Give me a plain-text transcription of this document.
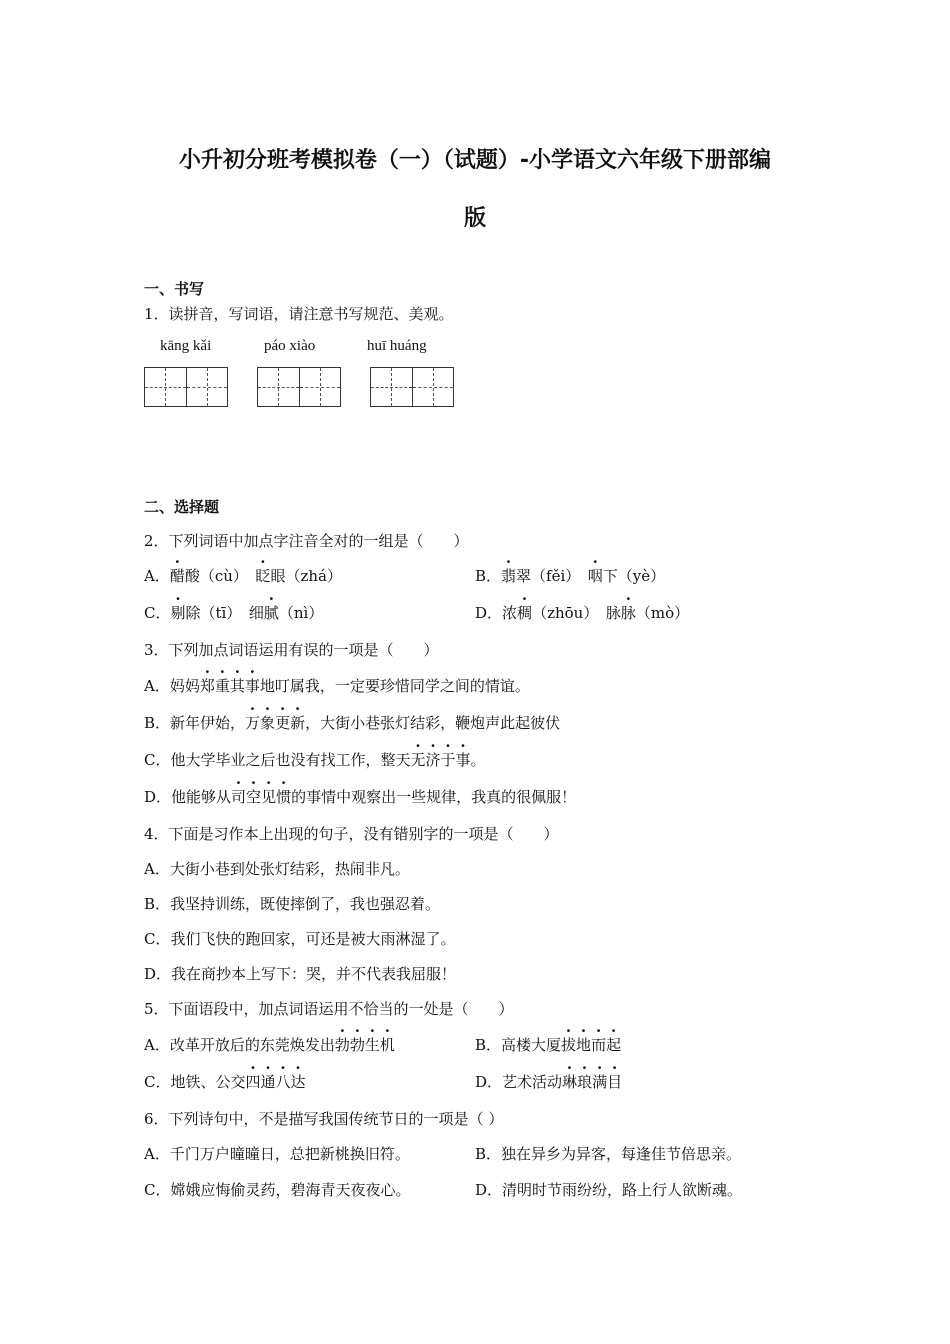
小升初分班考模拟卷（一）（试题）-小学语文六年级下册部编
版
一、书写
1．读拼音，写词语，请注意书写规范、美观。
kāng kǎi	páo xiào	huī huáng
二、选择题
2．下列词语中加点字注音全对的一组是（　　）
A．醋酸（cù）　眨眼（zhá）	B．翡翠（fěi）　咽下（yè）
C．剔除（tī）　细腻（nì）	D．浓稠（zhōu）　脉脉（mò）
3．下列加点词语运用有误的一项是（　　）
A．妈妈郑重其事地叮属我，一定要珍惜同学之间的情谊。
B．新年伊始，万象更新，大街小巷张灯结彩，鞭炮声此起彼伏
C．他大学毕业之后也没有找工作，整天无济于事。
D．他能够从司空见惯的事情中观察出一些规律，我真的很佩服！
4．下面是习作本上出现的句子，没有错别字的一项是（　　）
A．大街小巷到处张灯结彩，热闹非凡。
B．我坚持训练，既使摔倒了，我也强忍着。
C．我们飞快的跑回家，可还是被大雨淋湿了。
D．我在商抄本上写下：哭，并不代表我屈服！
5．下面语段中，加点词语运用不恰当的一处是（　　）
A．改革开放后的东莞焕发出勃勃生机	B．高楼大厦拔地而起
C．地铁、公交四通八达	D．艺术活动琳琅满目
6．下列诗句中，不是描写我国传统节日的一项是（ ）
A．千门万户曈曈日，总把新桃换旧符。	B．独在异乡为异客，每逢佳节倍思亲。
C．嫦娥应悔偷灵药，碧海青天夜夜心。	D．清明时节雨纷纷，路上行人欲断魂。
